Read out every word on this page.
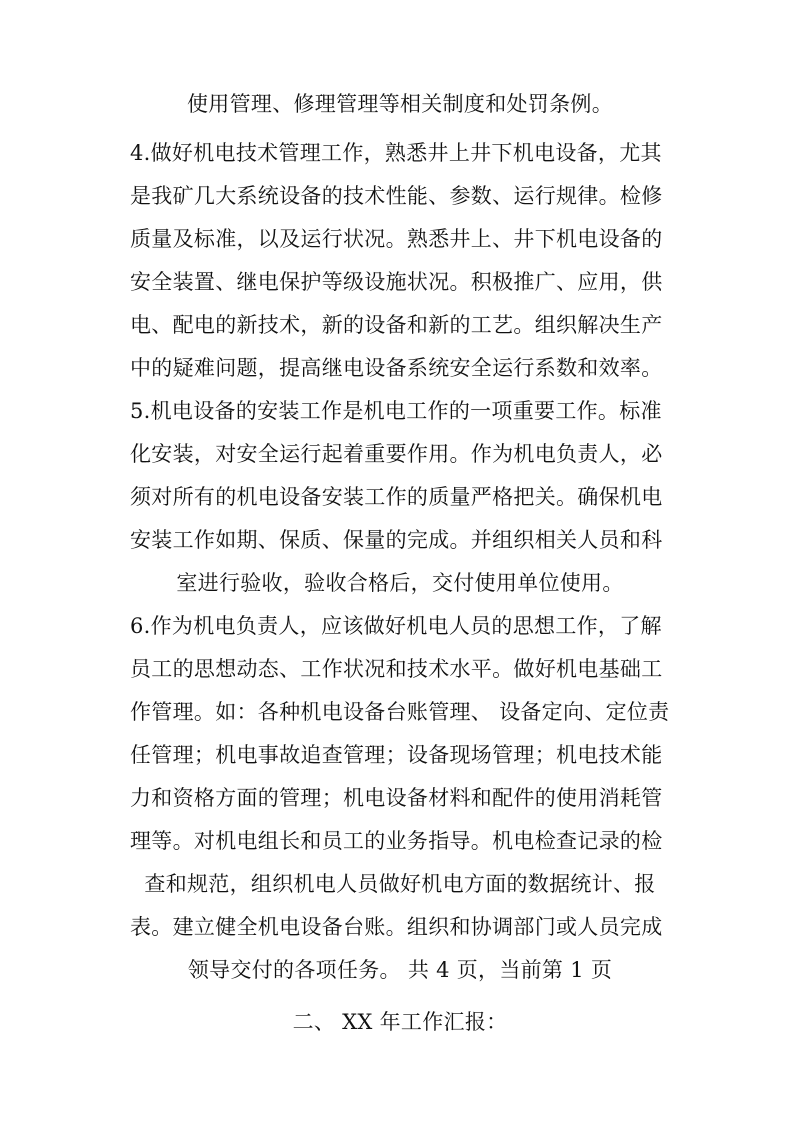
使用管理、修理管理等相关制度和处罚条例。
4.做好机电技术管理工作，熟悉井上井下机电设备，尤其
是我矿几大系统设备的技术性能、参数、运行规律。检修
质量及标准，以及运行状况。熟悉井上、井下机电设备的
安全装置、继电保护等级设施状况。积极推广、应用，供
电、配电的新技术，新的设备和新的工艺。组织解决生产
中的疑难问题，提高继电设备系统安全运行系数和效率。
5.机电设备的安装工作是机电工作的一项重要工作。标准
化安装，对安全运行起着重要作用。作为机电负责人，必
须对所有的机电设备安装工作的质量严格把关。确保机电
安装工作如期、保质、保量的完成。并组织相关人员和科
室进行验收，验收合格后，交付使用单位使用。
6.作为机电负责人，应该做好机电人员的思想工作，了解
员工的思想动态、工作状况和技术水平。做好机电基础工
作管理。如：各种机电设备台账管理、 设备定向、定位责
任管理；机电事故追查管理；设备现场管理；机电技术能
力和资格方面的管理；机电设备材料和配件的使用消耗管
理等。对机电组长和员工的业务指导。机电检查记录的检
查和规范，组织机电人员做好机电方面的数据统计、报
表。建立健全机电设备台账。组织和协调部门或人员完成
领导交付的各项任务。 共 4 页，当前第 1 页
二、 XX 年工作汇报：
